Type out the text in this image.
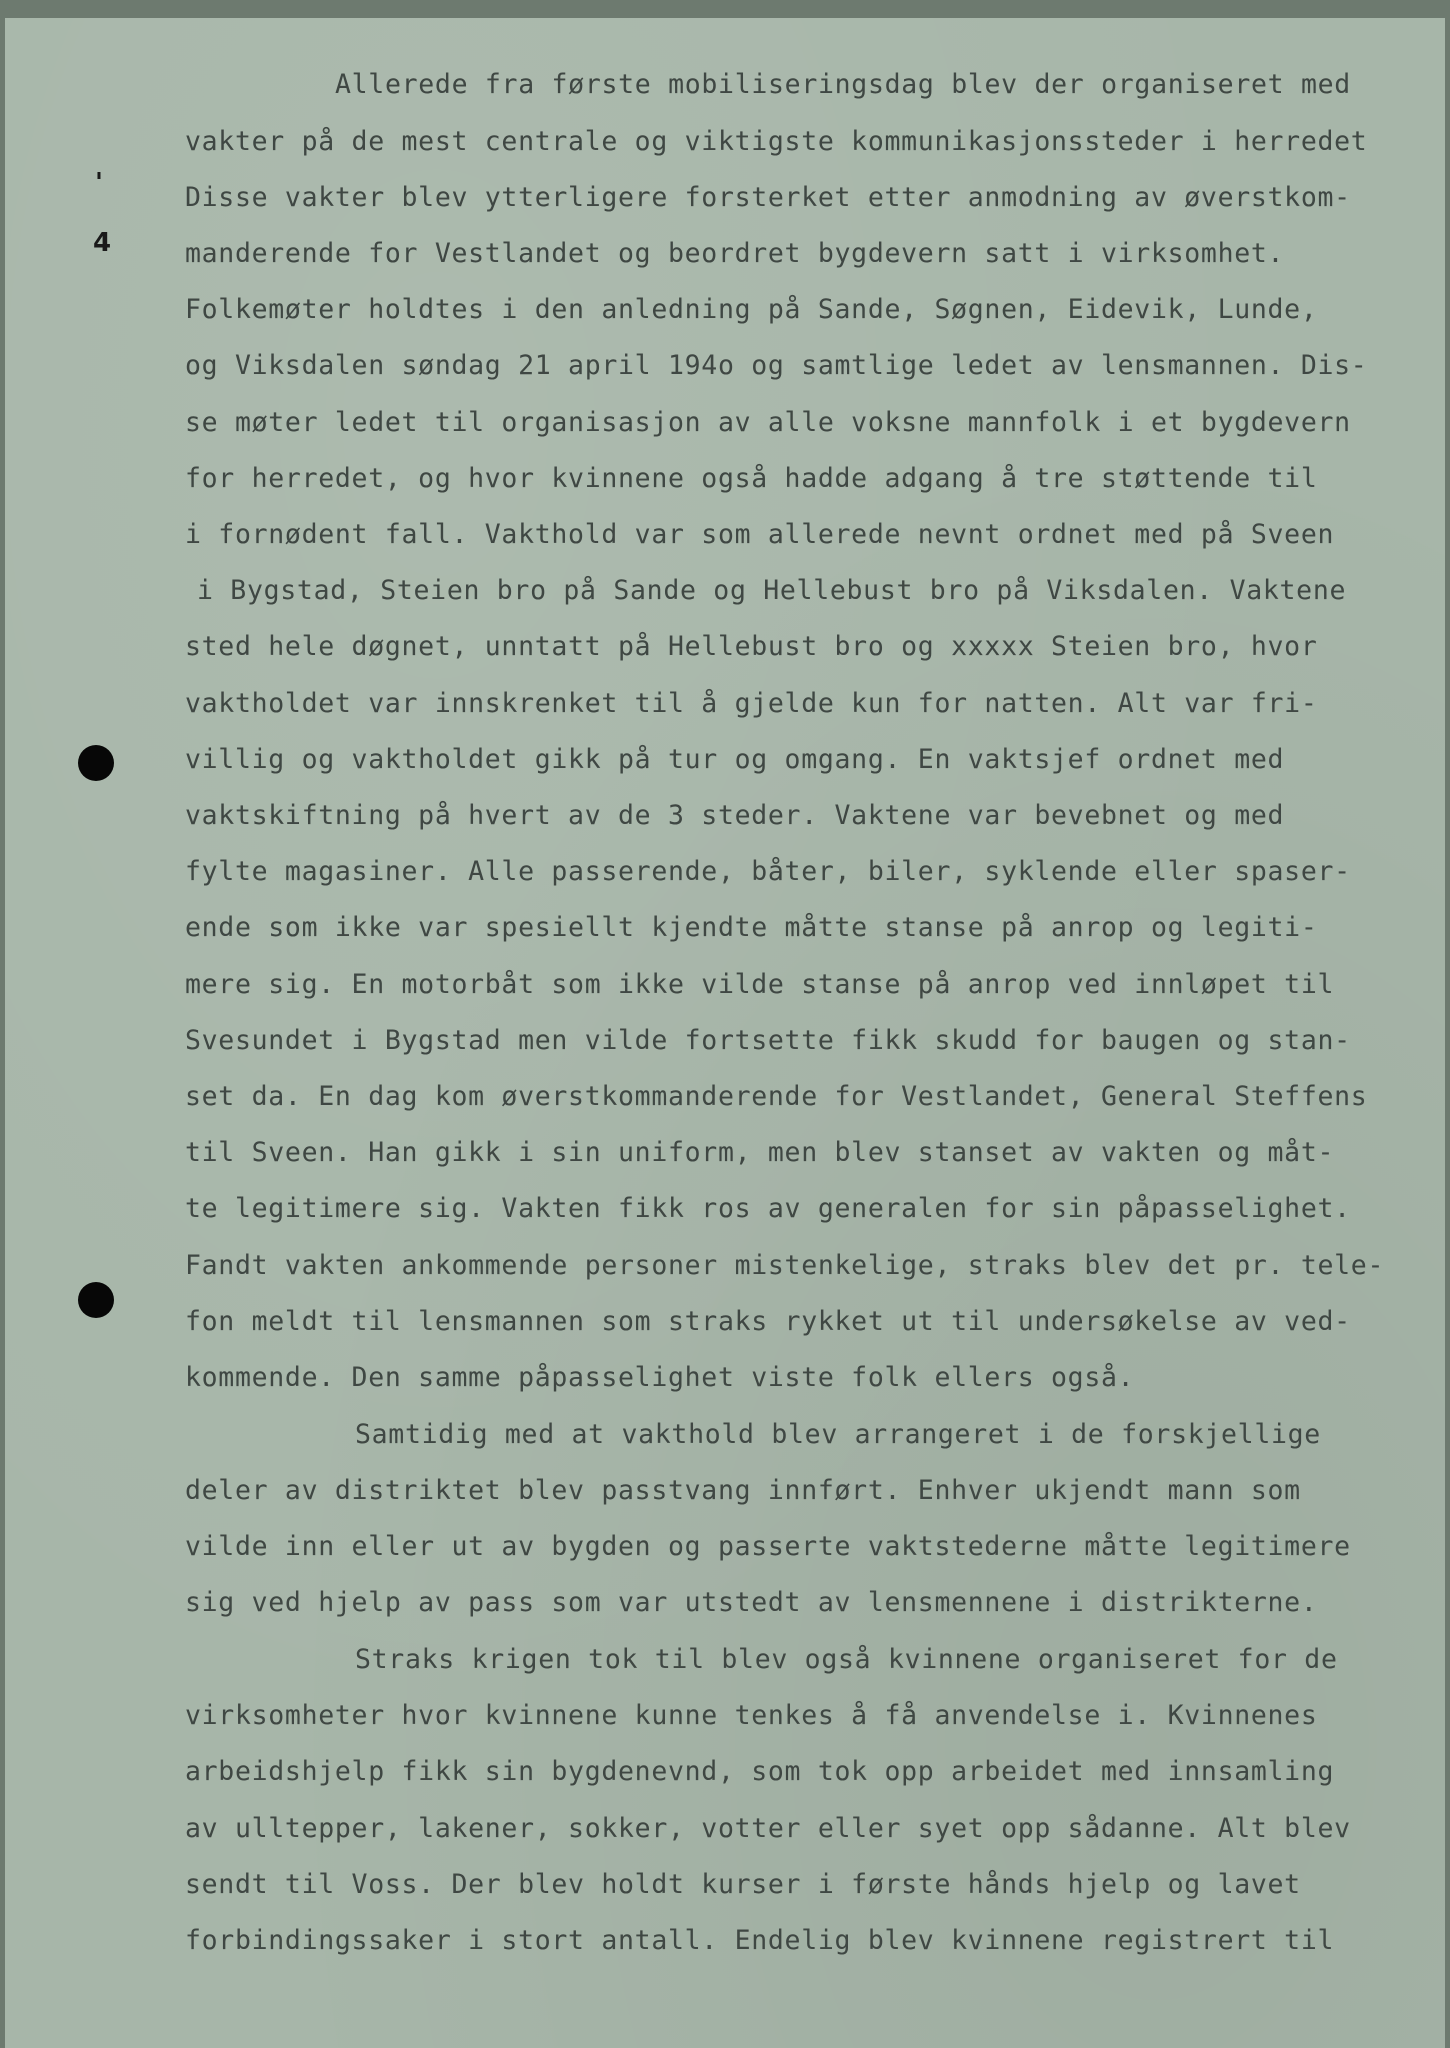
'
4
Allerede fra første mobiliseringsdag blev der organiseret med
vakter på de mest centrale og viktigste kommunikasjonssteder i herredet
Disse vakter blev ytterligere forsterket etter anmodning av øverstkom-
manderende for Vestlandet og beordret bygdevern satt i virksomhet.
Folkemøter holdtes i den anledning på Sande, Søgnen, Eidevik, Lunde,
og Viksdalen søndag 21 april 194o og samtlige ledet av lensmannen. Dis-
se møter ledet til organisasjon av alle voksne mannfolk i et bygdevern
for herredet, og hvor kvinnene også hadde adgang å tre støttende til
i fornødent fall. Vakthold var som allerede nevnt ordnet med på Sveen
i Bygstad, Steien bro på Sande og Hellebust bro på Viksdalen. Vaktene
sted hele døgnet, unntatt på Hellebust bro og xxxxx Steien bro, hvor
vaktholdet var innskrenket til å gjelde kun for natten. Alt var fri-
villig og vaktholdet gikk på tur og omgang. En vaktsjef ordnet med
vaktskiftning på hvert av de 3 steder. Vaktene var bevebnet og med
fylte magasiner. Alle passerende, båter, biler, syklende eller spaser-
ende som ikke var spesiellt kjendte måtte stanse på anrop og legiti-
mere sig. En motorbåt som ikke vilde stanse på anrop ved innløpet til
Svesundet i Bygstad men vilde fortsette fikk skudd for baugen og stan-
set da. En dag kom øverstkommanderende for Vestlandet, General Steffens
til Sveen. Han gikk i sin uniform, men blev stanset av vakten og måt-
te legitimere sig. Vakten fikk ros av generalen for sin påpasselighet.
Fandt vakten ankommende personer mistenkelige, straks blev det pr. tele-
fon meldt til lensmannen som straks rykket ut til undersøkelse av ved-
kommende. Den samme påpasselighet viste folk ellers også.
Samtidig med at vakthold blev arrangeret i de forskjellige
deler av distriktet blev passtvang innført. Enhver ukjendt mann som
vilde inn eller ut av bygden og passerte vaktstederne måtte legitimere
sig ved hjelp av pass som var utstedt av lensmennene i distrikterne.
Straks krigen tok til blev også kvinnene organiseret for de
virksomheter hvor kvinnene kunne tenkes å få anvendelse i. Kvinnenes
arbeidshjelp fikk sin bygdenevnd, som tok opp arbeidet med innsamling
av ulltepper, lakener, sokker, votter eller syet opp sådanne. Alt blev
sendt til Voss. Der blev holdt kurser i første hånds hjelp og lavet
forbindingssaker i stort antall. Endelig blev kvinnene registrert til
